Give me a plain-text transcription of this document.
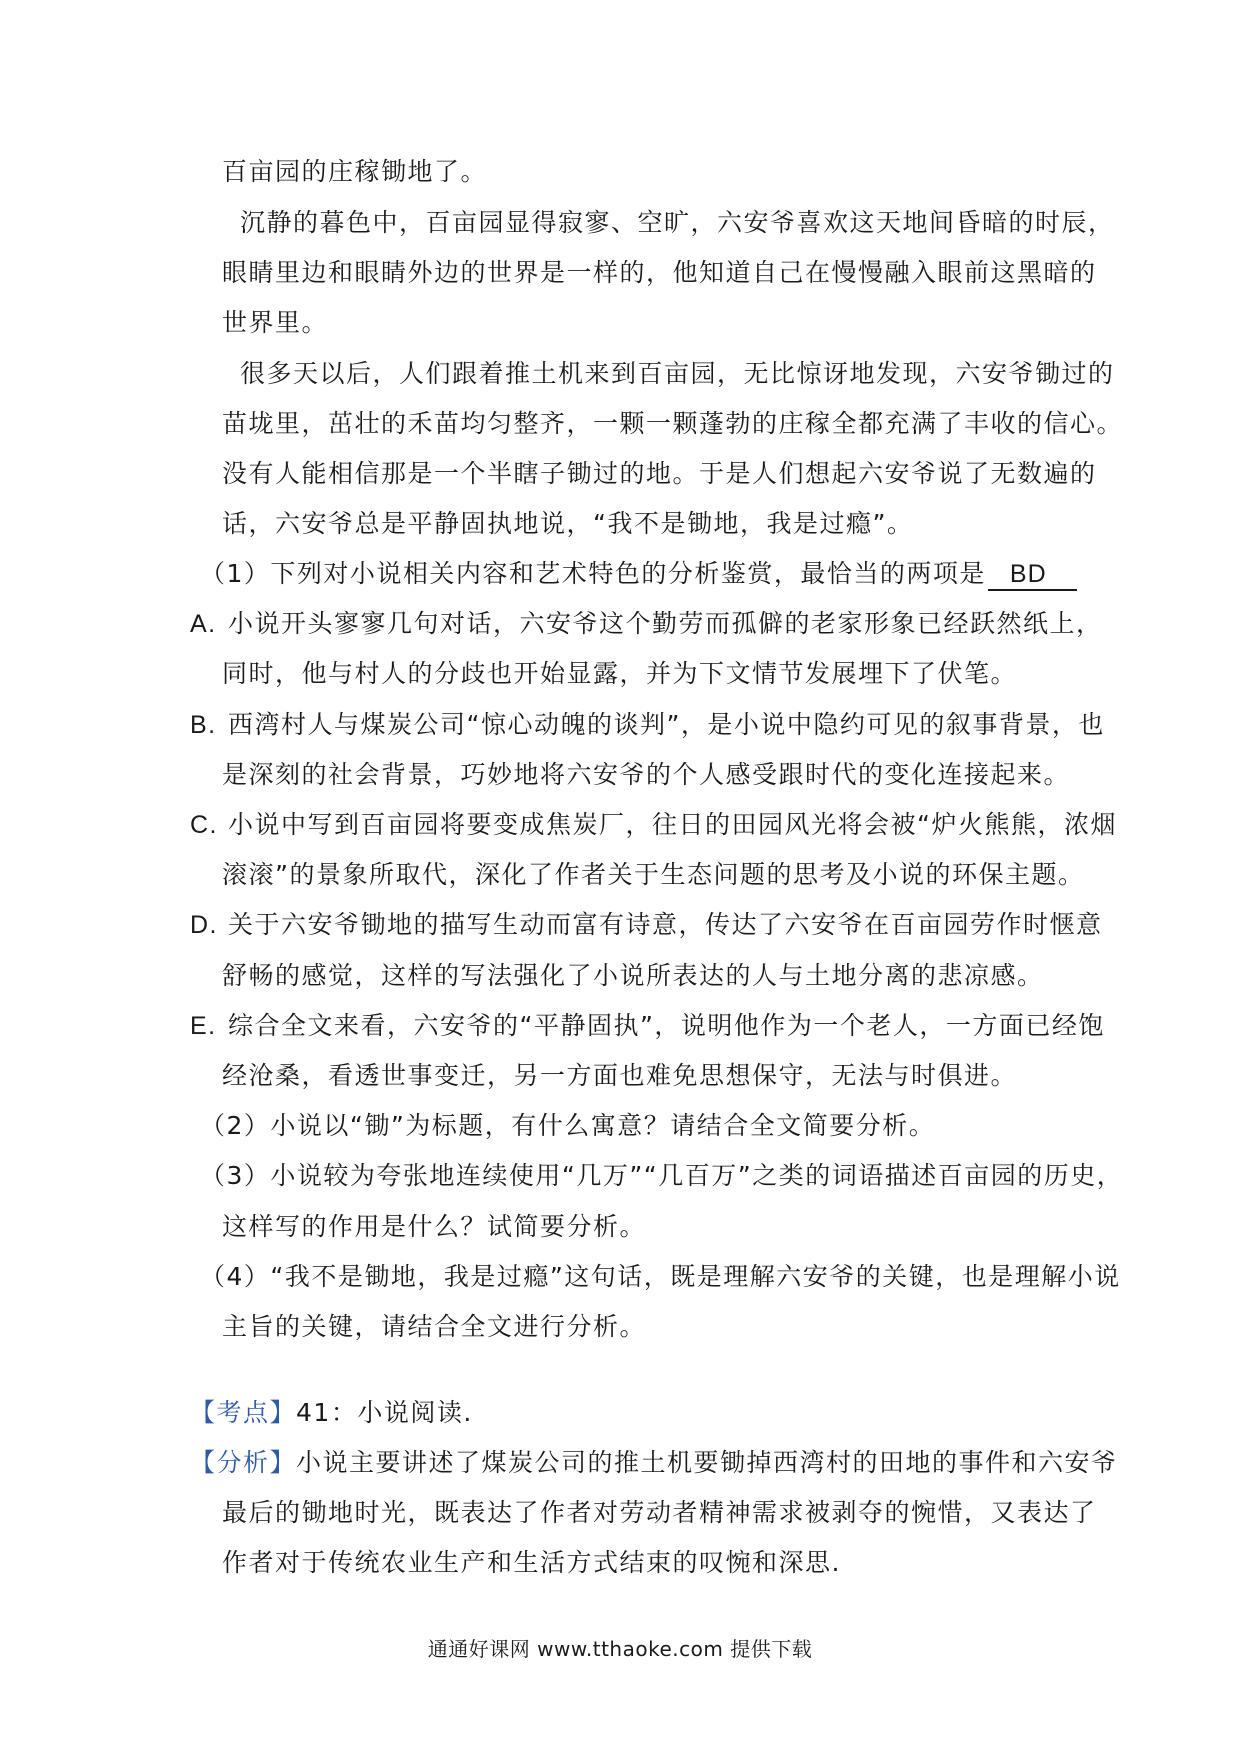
百亩园的庄稼锄地了。
沉静的暮色中，百亩园显得寂寥、空旷，六安爷喜欢这天地间昏暗的时辰，
眼睛里边和眼睛外边的世界是一样的，他知道自己在慢慢融入眼前这黑暗的
世界里。
很多天以后，人们跟着推土机来到百亩园，无比惊讶地发现，六安爷锄过的
苗垅里，茁壮的禾苗均匀整齐，一颗一颗蓬勃的庄稼全都充满了丰收的信心。
没有人能相信那是一个半瞎子锄过的地。于是人们想起六安爷说了无数遍的
话，六安爷总是平静固执地说，“我不是锄地，我是过瘾”。
（1）下列对小说相关内容和艺术特色的分析鉴赏，最恰当的两项是 BD
A. 小说开头寥寥几句对话，六安爷这个勤劳而孤僻的老家形象已经跃然纸上，
同时，他与村人的分歧也开始显露，并为下文情节发展埋下了伏笔。
B. 西湾村人与煤炭公司“惊心动魄的谈判”，是小说中隐约可见的叙事背景，也
是深刻的社会背景，巧妙地将六安爷的个人感受跟时代的变化连接起来。
C. 小说中写到百亩园将要变成焦炭厂，往日的田园风光将会被“炉火熊熊，浓烟
滚滚”的景象所取代，深化了作者关于生态问题的思考及小说的环保主题。
D. 关于六安爷锄地的描写生动而富有诗意，传达了六安爷在百亩园劳作时惬意
舒畅的感觉，这样的写法强化了小说所表达的人与土地分离的悲凉感。
E. 综合全文来看，六安爷的“平静固执”，说明他作为一个老人，一方面已经饱
经沧桑，看透世事变迁，另一方面也难免思想保守，无法与时俱进。
（2）小说以“锄”为标题，有什么寓意？请结合全文简要分析。
（3）小说较为夸张地连续使用“几万”“几百万”之类的词语描述百亩园的历史，
这样写的作用是什么？试简要分析。
（4）“我不是锄地，我是过瘾”这句话，既是理解六安爷的关键，也是理解小说
主旨的关键，请结合全文进行分析。
【考点】41：小说阅读.
【分析】小说主要讲述了煤炭公司的推土机要锄掉西湾村的田地的事件和六安爷
最后的锄地时光，既表达了作者对劳动者精神需求被剥夺的惋惜，又表达了
作者对于传统农业生产和生活方式结束的叹惋和深思.
通通好课网 www.tthaoke.com 提供下载
